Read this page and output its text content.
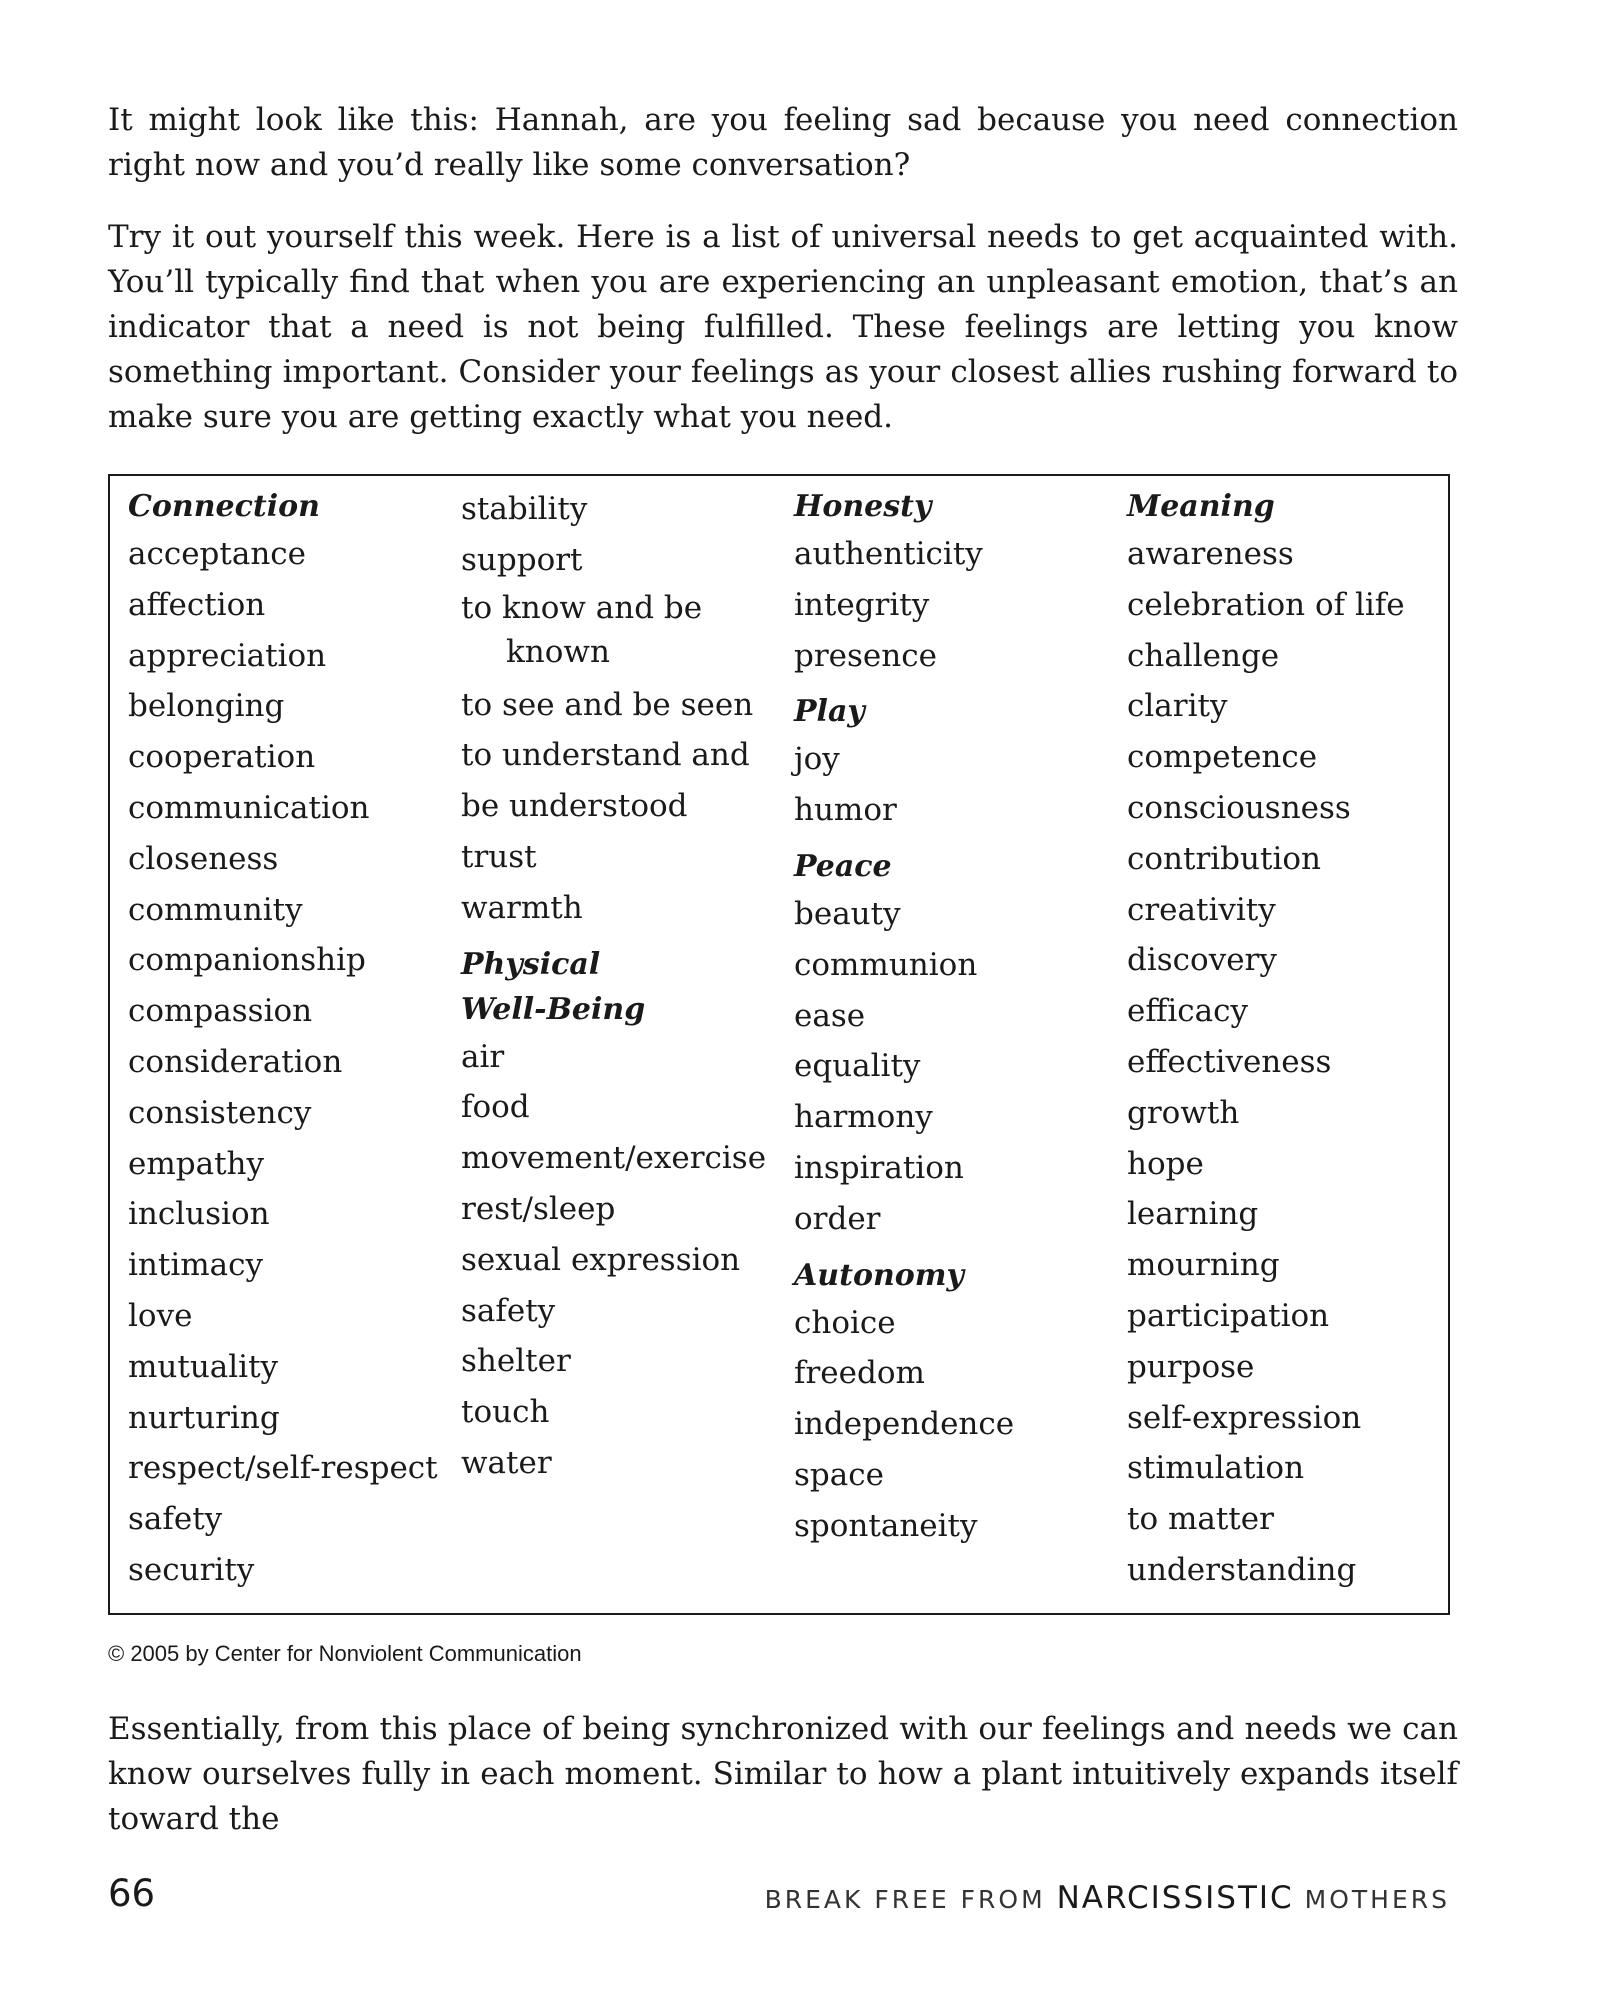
It might look like this: Hannah, are you feeling sad because you need connection right now and you’d really like some conversation?

Try it out yourself this week. Here is a list of universal needs to get acquainted with. You’ll typically find that when you are experiencing an unpleasant emotion, that’s an indicator that a need is not being fulfilled. These feelings are letting you know something important. Consider your feelings as your closest allies rushing forward to make sure you are getting exactly what you need.

Connection

acceptance

affection

appreciation

belonging

cooperation

communication

closeness

community

companionship

compassion

consideration

consistency

empathy

inclusion

intimacy

love

mutuality

nurturing

respect/self-respect

safety

security

stability

support

to know and be known

to see and be seen

to understand and

be understood

trust

warmth

Physical

Well-Being

air

food

movement/exercise

rest/sleep

sexual expression

safety

shelter

touch

water

Honesty

authenticity

integrity

presence

Play

joy

humor

Peace

beauty

communion

ease

equality

harmony

inspiration

order

Autonomy

choice

freedom

independence

space

spontaneity

Meaning

awareness

celebration of life

challenge

clarity

competence

consciousness

contribution

creativity

discovery

efficacy

effectiveness

growth

hope

learning

mourning

participation

purpose

self-expression

stimulation

to matter

understanding

© 2005 by Center for Nonviolent Communication

Essentially, from this place of being synchronized with our feelings and needs we can know ourselves fully in each moment. Similar to how a plant intuitively expands itself toward the

66	BREAK FREE FROM NARCISSISTIC MOTHERS
